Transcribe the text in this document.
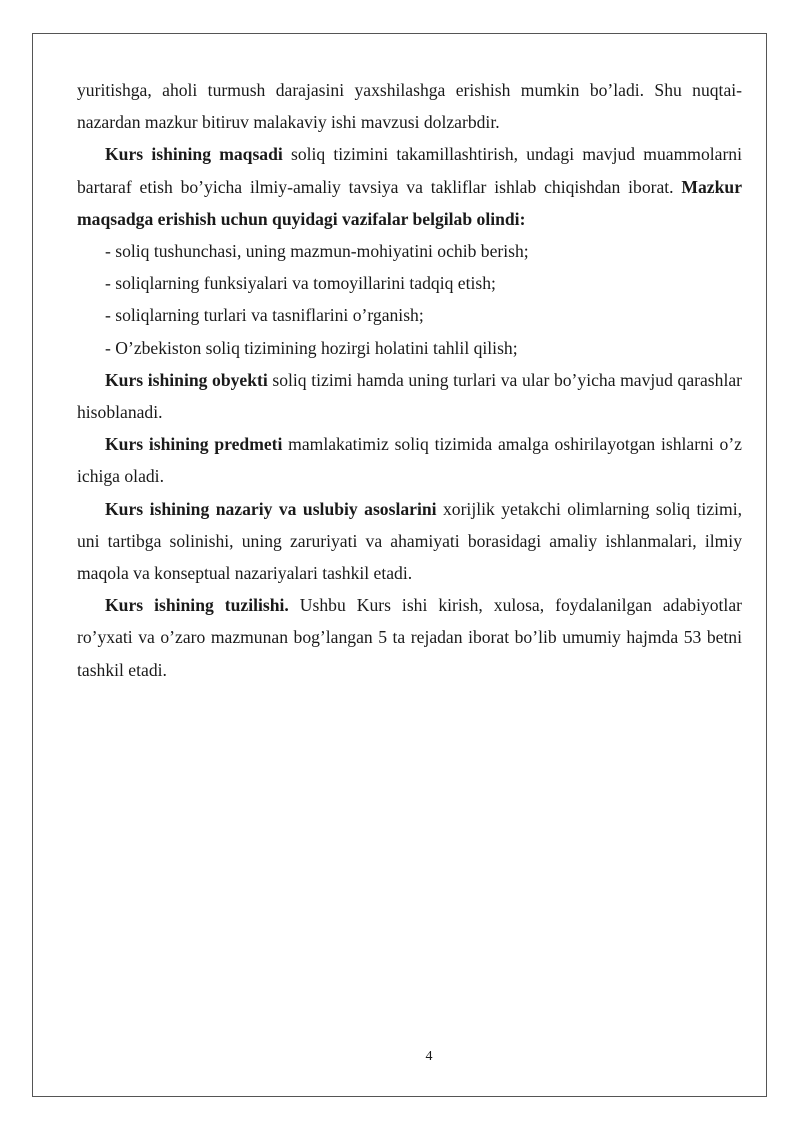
yuritishga, aholi turmush darajasini yaxshilashga erishish mumkin bo’ladi. Shu nuqtai-nazardan mazkur bitiruv malakaviy ishi mavzusi dolzarbdir.

Kurs ishining maqsadi soliq tizimini takamillashtirish, undagi mavjud muammolarni bartaraf etish bo’yicha ilmiy-amaliy tavsiya va takliflar ishlab chiqishdan iborat. Mazkur maqsadga erishish uchun quyidagi vazifalar belgilab olindi:

- soliq tushunchasi, uning mazmun-mohiyatini ochib berish;

- soliqlarning funksiyalari va tomoyillarini tadqiq etish;

- soliqlarning turlari va tasniflarini o’rganish;

- O’zbekiston soliq tizimining hozirgi holatini tahlil qilish;

Kurs ishining obyekti soliq tizimi hamda uning turlari va ular bo’yicha mavjud qarashlar hisoblanadi.

Kurs ishining predmeti mamlakatimiz soliq tizimida amalga oshirilayotgan ishlarni o’z ichiga oladi.

Kurs ishining nazariy va uslubiy asoslarini xorijlik yetakchi olimlarning soliq tizimi, uni tartibga solinishi, uning zaruriyati va ahamiyati borasidagi amaliy ishlanmalari, ilmiy maqola va konseptual nazariyalari tashkil etadi.

Kurs ishining tuzilishi. Ushbu Kurs ishi kirish, xulosa, foydalanilgan adabiyotlar ro’yxati va o’zaro mazmunan bog’langan 5 ta rejadan iborat bo’lib umumiy hajmda 53 betni tashkil etadi.

4
